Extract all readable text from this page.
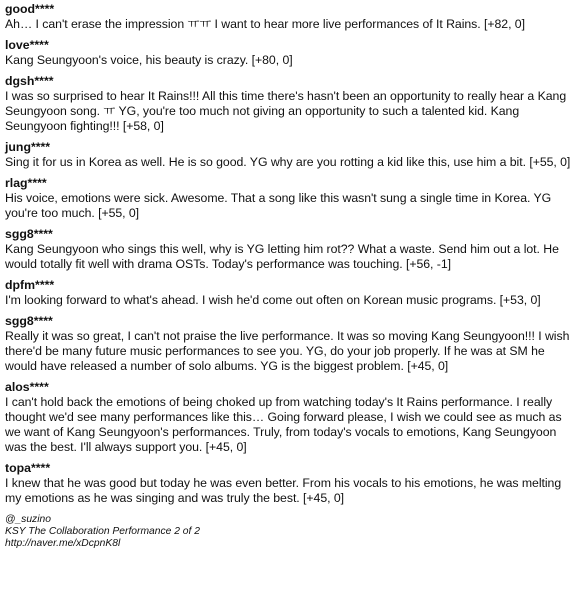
good****
Ah… I can't erase the impression ㅠㅠ I want to hear more live performances of It Rains. [+82, 0]
love****
Kang Seungyoon's voice, his beauty is crazy. [+80, 0]
dgsh****
I was so surprised to hear It Rains!!! All this time there's hasn't been an opportunity to really hear a Kang Seungyoon song. ㅠ YG, you're too much not giving an opportunity to such a talented kid. Kang Seungyoon fighting!!! [+58, 0]
jung****
Sing it for us in Korea as well. He is so good. YG why are you rotting a kid like this, use him a bit. [+55, 0]
rlag****
His voice, emotions were sick. Awesome. That a song like this wasn't sung a single time in Korea. YG you're too much. [+55, 0]
sgg8****
Kang Seungyoon who sings this well, why is YG letting him rot?? What a waste. Send him out a lot. He would totally fit well with drama OSTs. Today's performance was touching. [+56, -1]
dpfm****
I'm looking forward to what's ahead. I wish he'd come out often on Korean music programs. [+53, 0]
sgg8****
Really it was so great, I can't not praise the live performance. It was so moving Kang Seungyoon!!! I wish there'd be many future music performances to see you. YG, do your job properly. If he was at SM he would have released a number of solo albums. YG is the biggest problem. [+45, 0]
alos****
I can't hold back the emotions of being choked up from watching today's It Rains performance. I really thought we'd see many performances like this… Going forward please, I wish we could see as much as we want of Kang Seungyoon's performances. Truly, from today's vocals to emotions, Kang Seungyoon was the best. I'll always support you. [+45, 0]
topa****
I knew that he was good but today he was even better. From his vocals to his emotions, he was melting my emotions as he was singing and was truly the best. [+45, 0]
@_suzino
KSY The Collaboration Performance 2 of 2
http://naver.me/xDcpnK8l
